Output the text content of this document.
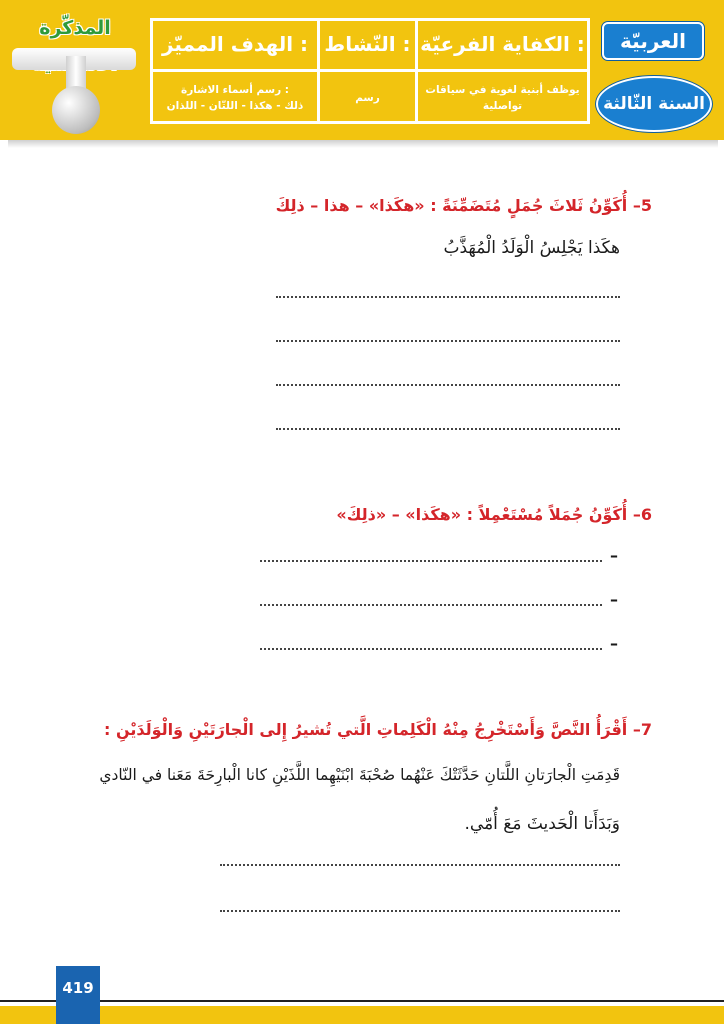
العربيّة
السنة الثّالثة
الكفاية الفرعيّة :
يوظف أبنية لغوية في سياقات
تواصلية
النّشاط :
رسم
الهدف المميّز :
رسم أسماء الاشارة :
ذلك - هكذا - اللتّان - اللذان
المذكّرة
5– أُكَوِّنُ ثَلاثَ جُمَلٍ مُتَضَمِّنَةً : «هكَذا» – هذا – ذلِكَ
هكَذا يَجْلِسُ الْوَلَدُ الْمُهَذَّبُ
6– أُكَوِّنُ جُمَلاً مُسْتَعْمِلاً : «هكَذا» – «ذلِكَ»
–
–
–
7– أَقْرَأُ النَّصَّ وَأَسْتَخْرِجُ مِنْهُ الْكَلِماتِ الَّتي تُشيرُ إِلى الْجارَتَيْنِ وَالْوَلَدَيْنِ :
قَدِمَتِ الْجارَتانِ اللَّتانِ حَدَّثَتْكَ عَنْهُما صُحْبَةَ ابْنَيْهِما اللَّذَيْنِ كانا الْبارِحَةَ مَعَنا في النّادي
وَبَدَأَتا الْحَديثَ مَعَ أُمّي.
419
